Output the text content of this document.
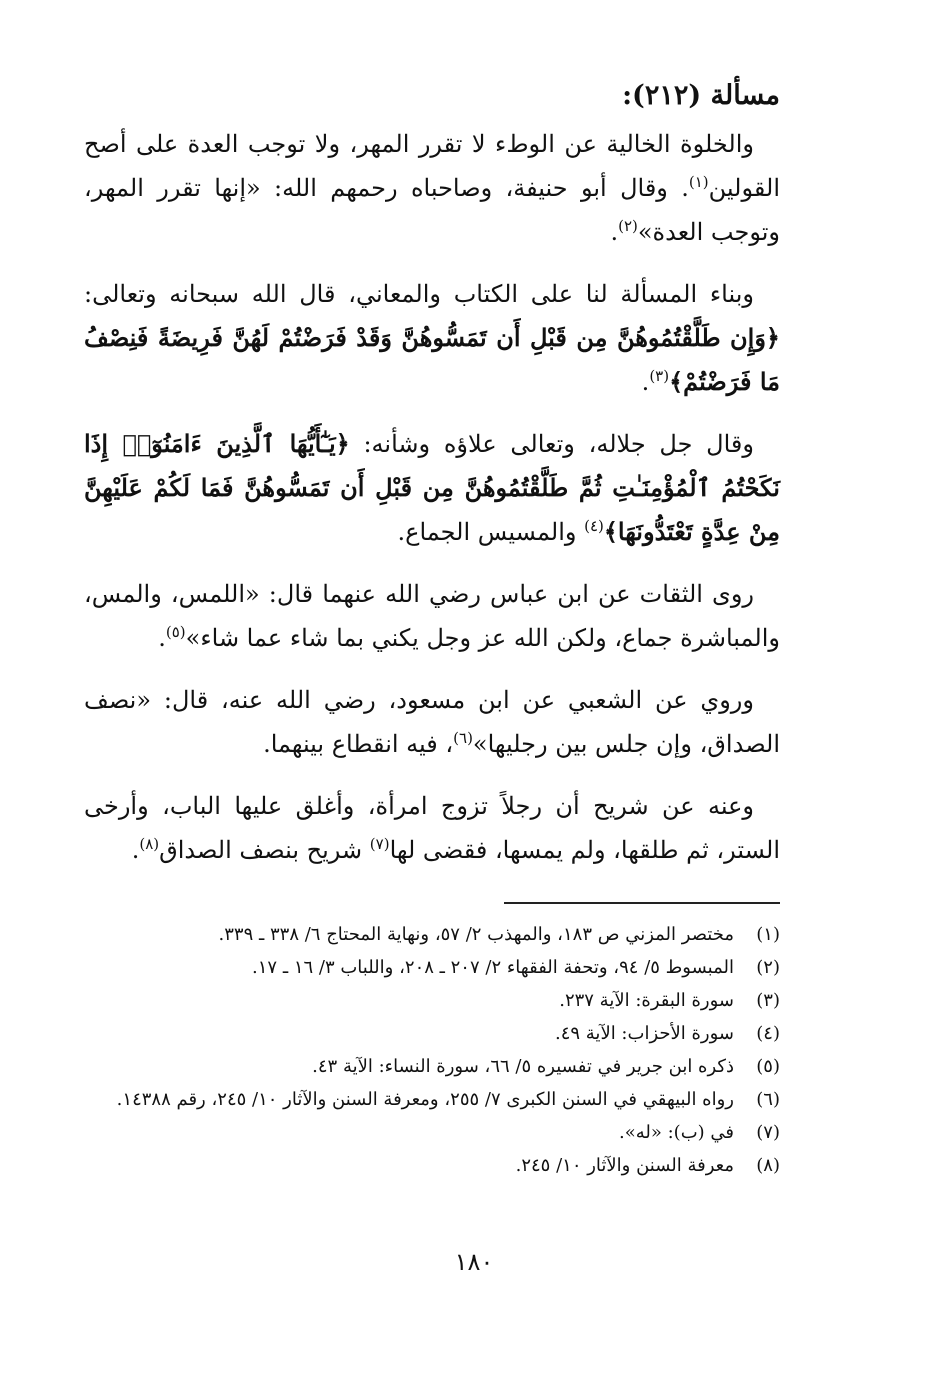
مسألة (٢١٢):

والخلوة الخالية عن الوطء لا تقرر المهر، ولا توجب العدة على أصح القولين$^{(١)}$. وقال أبو حنيفة، وصاحباه رحمهم الله: «إنها تقرر المهر، وتوجب العدة»$^{(٢)}$.

وبناء المسألة لنا على الكتاب والمعاني، قال الله سبحانه وتعالى: ﴿وَإِن طَلَّقْتُمُوهُنَّ مِن قَبْلِ أَن تَمَسُّوهُنَّ وَقَدْ فَرَضْتُمْ لَهُنَّ فَرِيضَةً فَنِصْفُ مَا فَرَضْتُمْ﴾$^{(٣)}$.

وقال جل جلاله، وتعالى علاؤه وشأنه: ﴿يَـٰٓأَيُّهَا ٱلَّذِينَ ءَامَنُوٓا۟ إِذَا نَكَحْتُمُ ٱلْمُؤْمِنَـٰتِ ثُمَّ طَلَّقْتُمُوهُنَّ مِن قَبْلِ أَن تَمَسُّوهُنَّ فَمَا لَكُمْ عَلَيْهِنَّ مِنْ عِدَّةٍ تَعْتَدُّونَهَا﴾$^{(٤)}$ والمسيس الجماع.

روى الثقات عن ابن عباس رضي الله عنهما قال: «اللمس، والمس، والمباشرة جماع، ولكن الله عز وجل يكني بما شاء عما شاء»$^{(٥)}$.

وروي عن الشعبي عن ابن مسعود، رضي الله عنه، قال: «نصف الصداق، وإن جلس بين رجليها»$^{(٦)}$، فيه انقطاع بينهما.

وعنه عن شريح أن رجلاً تزوج امرأة، وأغلق عليها الباب، وأرخى الستر، ثم طلقها، ولم يمسها، فقضى لها$^{(٧)}$ شريح بنصف الصداق$^{(٨)}$.

(١)
مختصر المزني ص ١٨٣، والمهذب ٢/ ٥٧، ونهاية المحتاج ٦/ ٣٣٨ ـ ٣٣٩.
(٢)
المبسوط ٥/ ٩٤، وتحفة الفقهاء ٢/ ٢٠٧ ـ ٢٠٨، واللباب ٣/ ١٦ ـ ١٧.
(٣)
سورة البقرة: الآية ٢٣٧.
(٤)
سورة الأحزاب: الآية ٤٩.
(٥)
ذكره ابن جرير في تفسيره ٥/ ٦٦، سورة النساء: الآية ٤٣.
(٦)
رواه البيهقي في السنن الكبرى ٧/ ٢٥٥، ومعرفة السنن والآثار ١٠/ ٢٤٥، رقم ١٤٣٨٨.
(٧)
في (ب): «له».
(٨)
معرفة السنن والآثار ١٠/ ٢٤٥.
١٨٠
